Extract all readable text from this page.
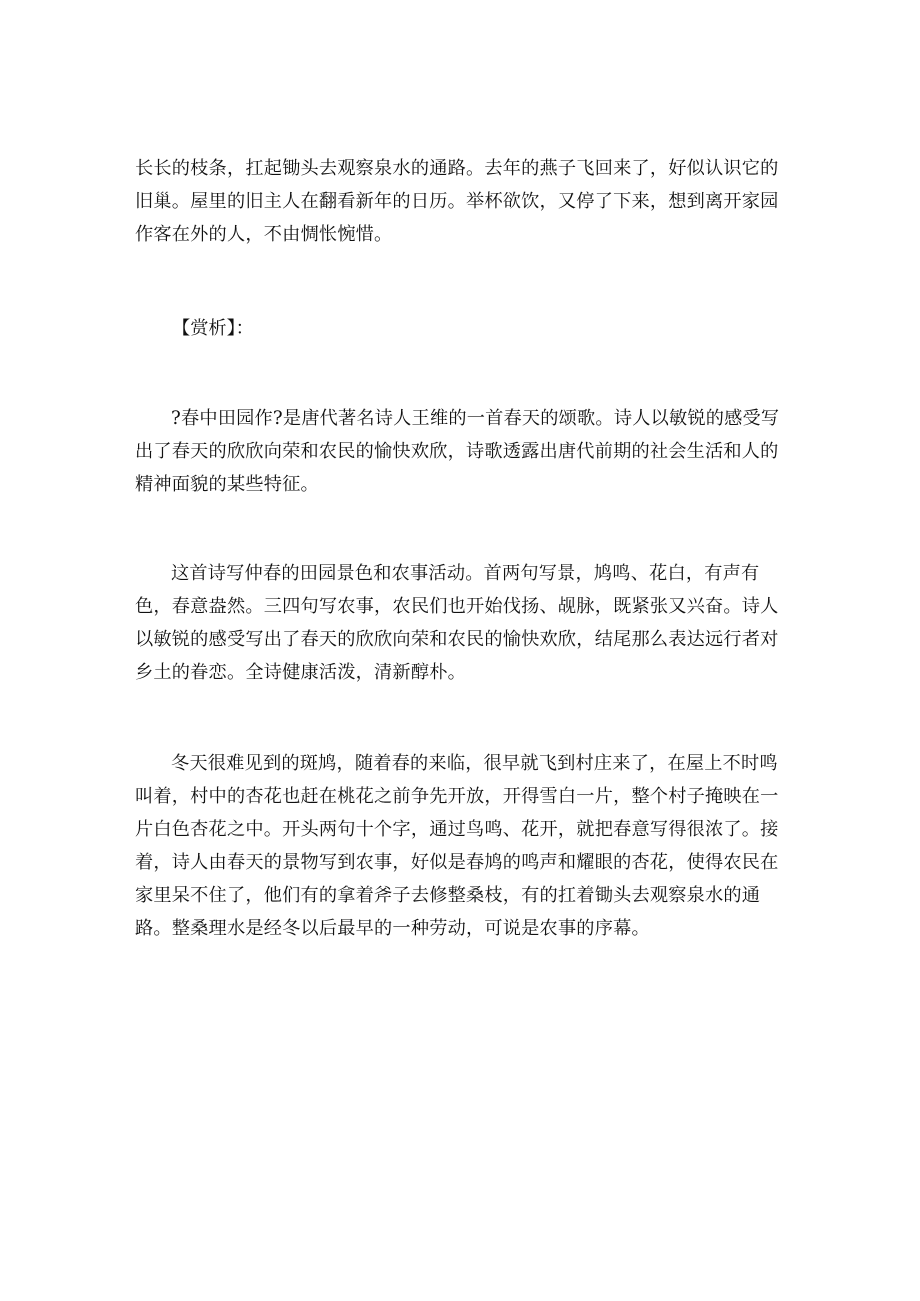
长长的枝条，扛起锄头去观察泉水的通路。去年的燕子飞回来了，好似认识它的旧巢。屋里的旧主人在翻看新年的日历。举杯欲饮，又停了下来，想到离开家园作客在外的人，不由惆怅惋惜。

【赏析】：

?春中田园作?是唐代著名诗人王维的一首春天的颂歌。诗人以敏锐的感受写出了春天的欣欣向荣和农民的愉快欢欣，诗歌透露出唐代前期的社会生活和人的精神面貌的某些特征。

这首诗写仲春的田园景色和农事活动。首两句写景，鸠鸣、花白，有声有色，春意盎然。三四句写农事，农民们也开始伐扬、觇脉，既紧张又兴奋。诗人以敏锐的感受写出了春天的欣欣向荣和农民的愉快欢欣，结尾那么表达远行者对乡土的眷恋。全诗健康活泼，清新醇朴。

冬天很难见到的斑鸠，随着春的来临，很早就飞到村庄来了，在屋上不时鸣叫着，村中的杏花也赶在桃花之前争先开放，开得雪白一片，整个村子掩映在一片白色杏花之中。开头两句十个字，通过鸟鸣、花开，就把春意写得很浓了。接着，诗人由春天的景物写到农事，好似是春鸠的鸣声和耀眼的杏花，使得农民在家里呆不住了，他们有的拿着斧子去修整桑枝，有的扛着锄头去观察泉水的通路。整桑理水是经冬以后最早的一种劳动，可说是农事的序幕。
